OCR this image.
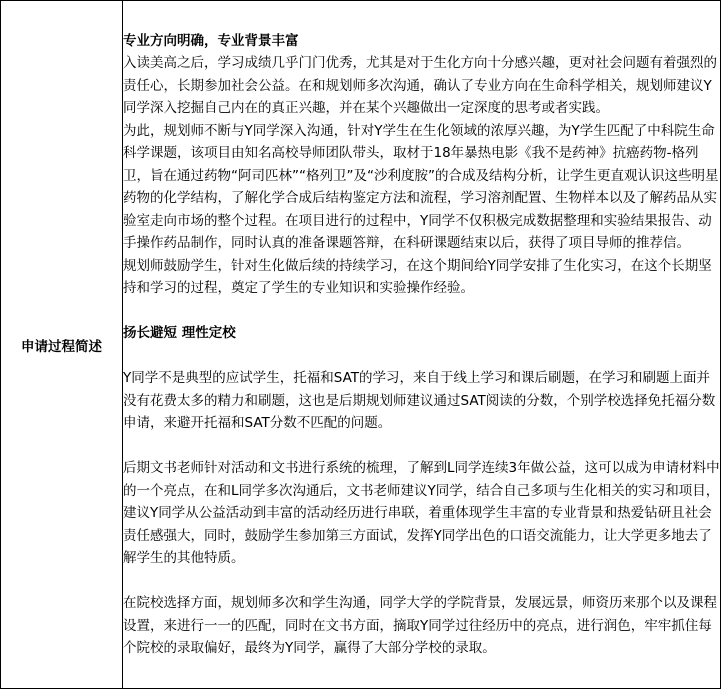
申请过程简述	
专业方向明确，专业背景丰富

入读美高之后，学习成绩几乎门门优秀，尤其是对于生化方向十分感兴趣，更对社会问题有着强烈的责任心，长期参加社会公益。在和规划师多次沟通，确认了专业方向在生命科学相关，规划师建议Y同学深入挖掘自己内在的真正兴趣，并在某个兴趣做出一定深度的思考或者实践。

为此，规划师不断与Y同学深入沟通，针对Y学生在生化领域的浓厚兴趣，为Y学生匹配了中科院生命科学课题，该项目由知名高校导师团队带头，取材于18年暴热电影《我不是药神》抗癌药物-格列卫，旨在通过药物“阿司匹林”“格列卫”及“沙利度胺”的合成及结构分析，让学生更直观认识这些明星药物的化学结构，了解化学合成后结构鉴定方法和流程，学习溶剂配置、生物样本以及了解药品从实验室走向市场的整个过程。在项目进行的过程中，Y同学不仅积极完成数据整理和实验结果报告、动手操作药品制作，同时认真的准备课题答辩，在科研课题结束以后，获得了项目导师的推荐信。

规划师鼓励学生，针对生化做后续的持续学习，在这个期间给Y同学安排了生化实习，在这个长期坚持和学习的过程，奠定了学生的专业知识和实验操作经验。

扬长避短 理性定校

Y同学不是典型的应试学生，托福和SAT的学习，来自于线上学习和课后刷题，在学习和刷题上面并没有花费太多的精力和刷题，这也是后期规划师建议通过SAT阅读的分数，个别学校选择免托福分数申请，来避开托福和SAT分数不匹配的问题。

后期文书老师针对活动和文书进行系统的梳理，了解到L同学连续3年做公益，这可以成为申请材料中的一个亮点，在和L同学多次沟通后，文书老师建议Y同学，结合自己多项与生化相关的实习和项目，建议Y同学从公益活动到丰富的活动经历进行串联，着重体现学生丰富的专业背景和热爱钻研且社会责任感强大，同时，鼓励学生参加第三方面试，发挥Y同学出色的口语交流能力，让大学更多地去了解学生的其他特质。

在院校选择方面，规划师多次和学生沟通，同学大学的学院背景，发展远景，师资历来那个以及课程设置，来进行一一的匹配，同时在文书方面，摘取Y同学过往经历中的亮点，进行润色，牢牢抓住每个院校的录取偏好，最终为Y同学，赢得了大部分学校的录取。
